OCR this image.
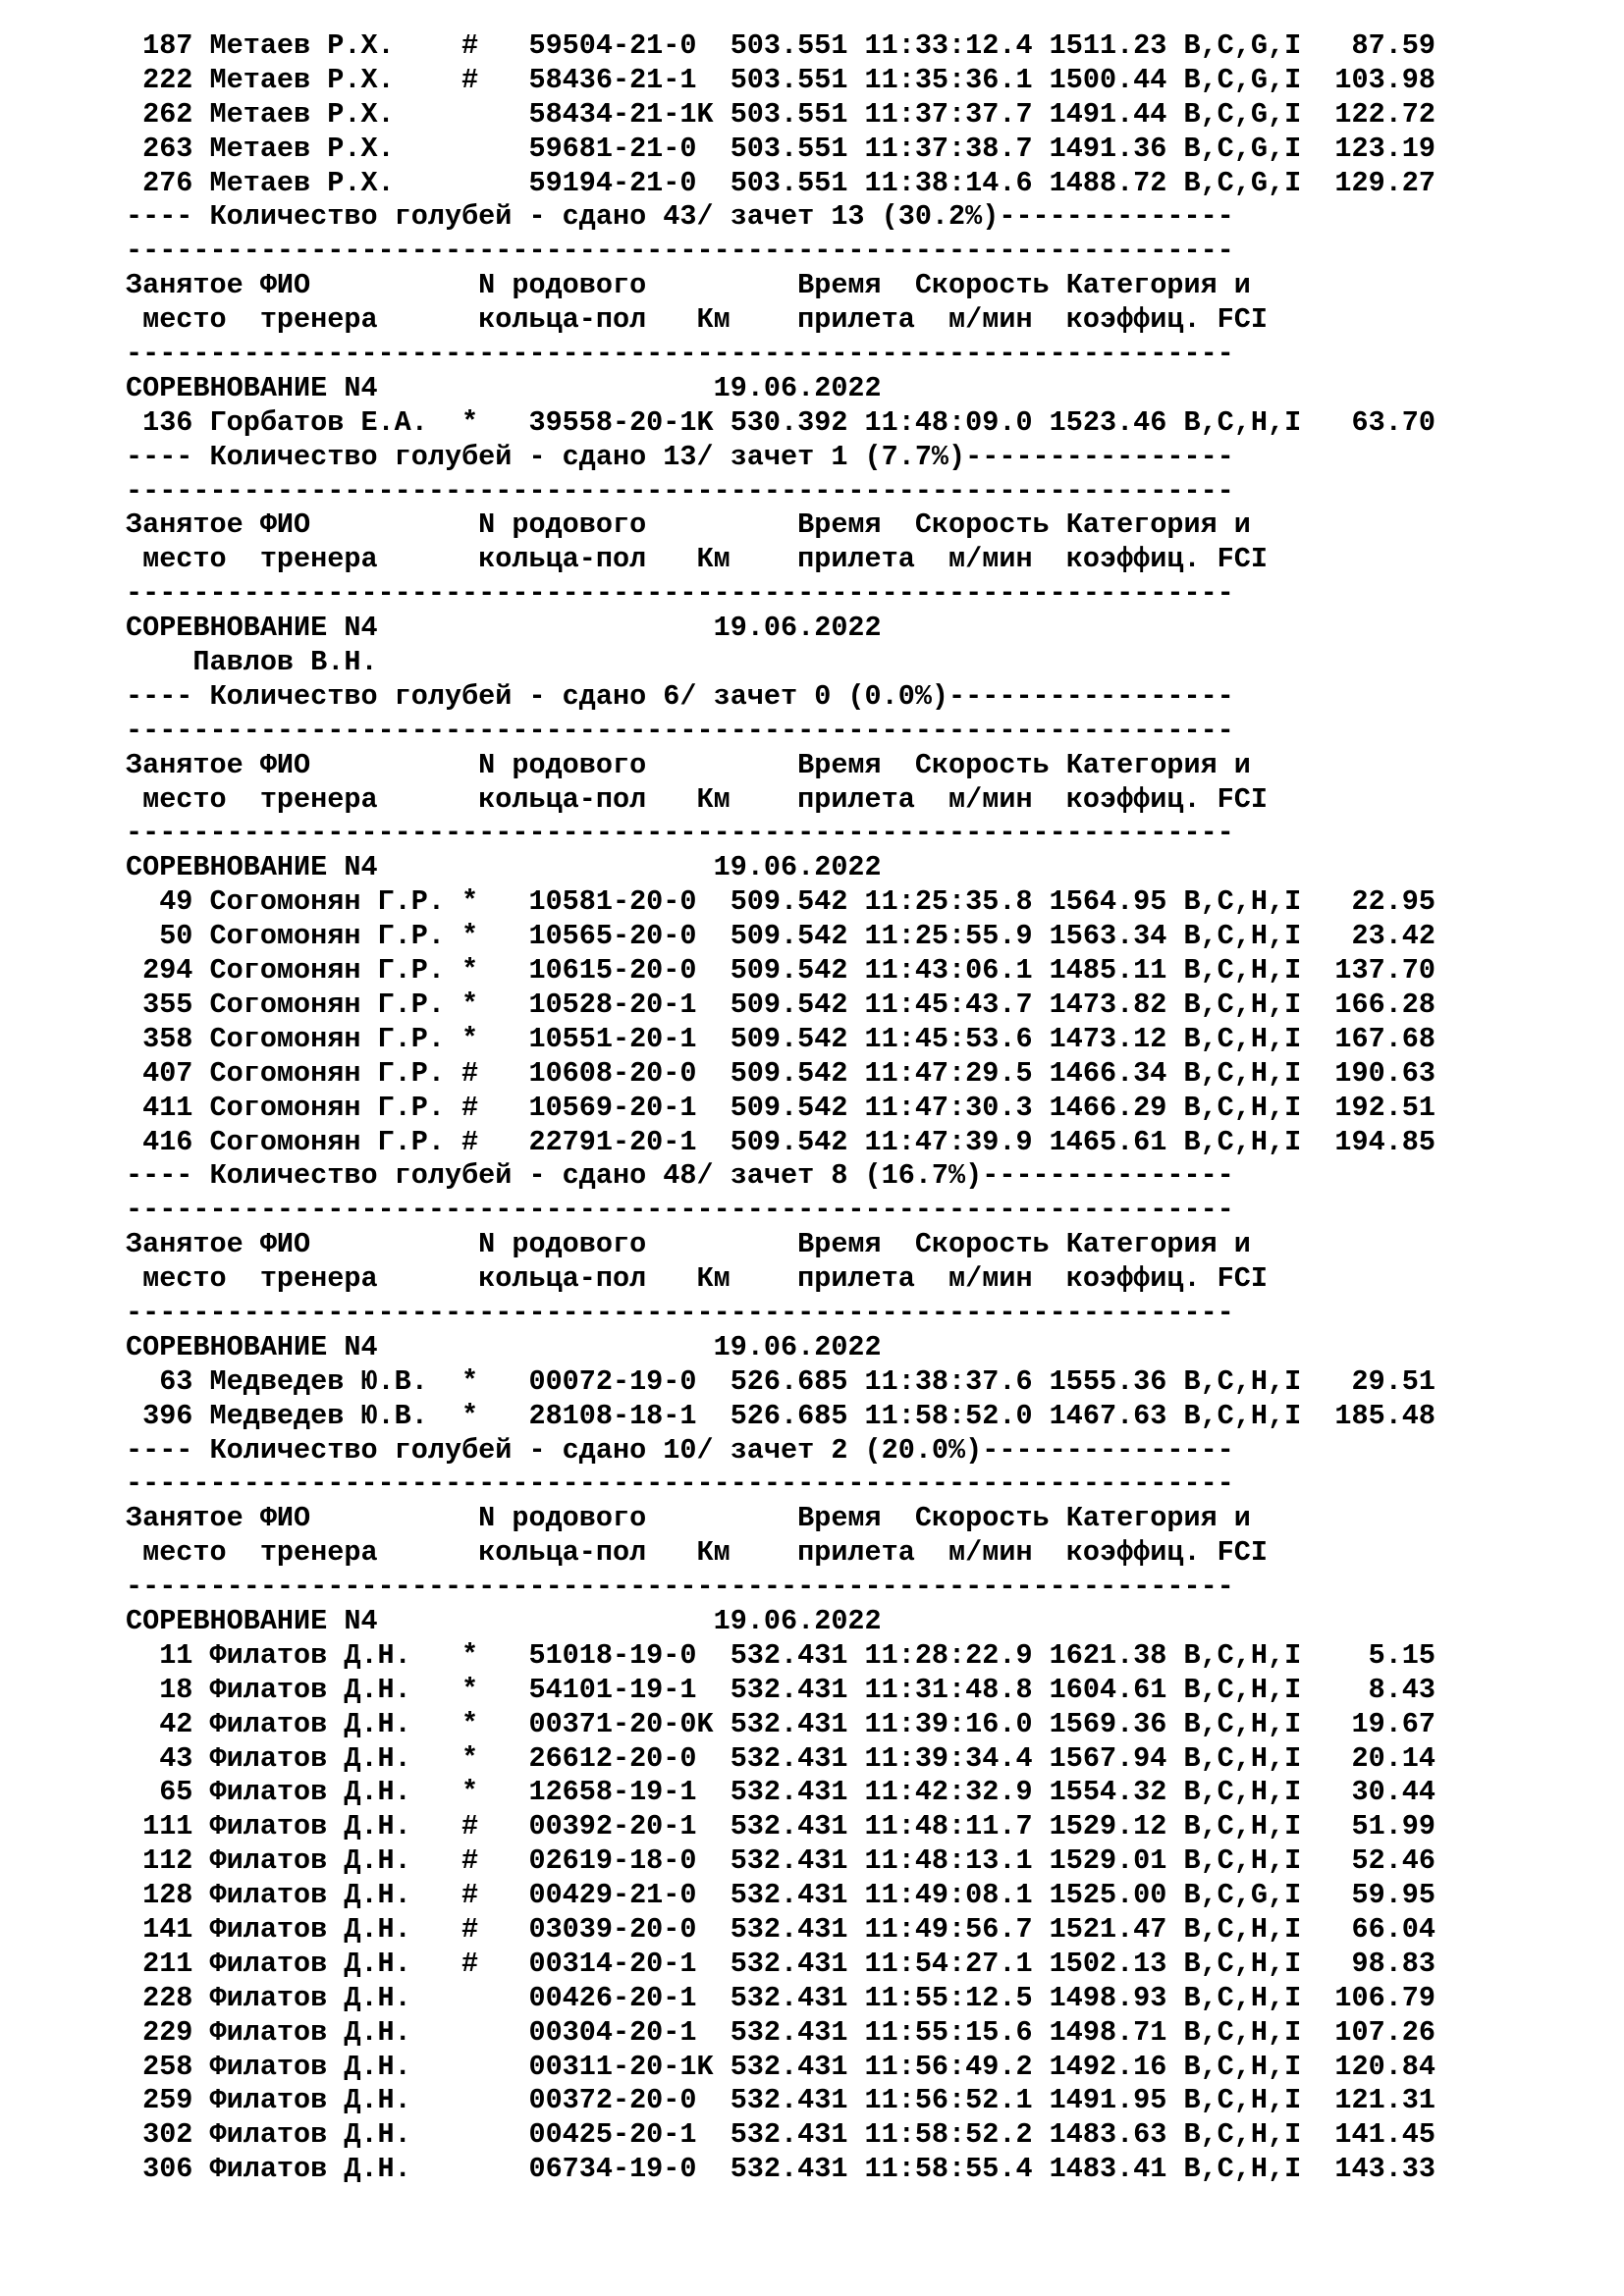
187 Метаев Р.Х.    #   59504-21-0  503.551 11:33:12.4 1511.23 B,C,G,I   87.59
222 Метаев Р.Х.    #   58436-21-1  503.551 11:35:36.1 1500.44 B,C,G,I  103.98
262 Метаев Р.Х.        58434-21-1K 503.551 11:37:37.7 1491.44 B,C,G,I  122.72
263 Метаев Р.Х.        59681-21-0  503.551 11:37:38.7 1491.36 B,C,G,I  123.19
276 Метаев Р.Х.        59194-21-0  503.551 11:38:14.6 1488.72 B,C,G,I  129.27
---- Количество голубей - сдано 43/ зачет 13 (30.2%)--------------
------------------------------------------------------------------
Занятое ФИО          N родового         Время  Скорость Категория и
место  тренера      кольца-пол   Км    прилета  м/мин  коэффиц. FCI
------------------------------------------------------------------
СОРЕВНОВАНИЕ N4                    19.06.2022
136 Горбатов Е.А.  *   39558-20-1K 530.392 11:48:09.0 1523.46 B,C,H,I   63.70
---- Количество голубей - сдано 13/ зачет 1 (7.7%)----------------
------------------------------------------------------------------
Занятое ФИО          N родового         Время  Скорость Категория и
место  тренера      кольца-пол   Км    прилета  м/мин  коэффиц. FCI
------------------------------------------------------------------
СОРЕВНОВАНИЕ N4                    19.06.2022
Павлов В.Н.
---- Количество голубей - сдано 6/ зачет 0 (0.0%)-----------------
------------------------------------------------------------------
Занятое ФИО          N родового         Время  Скорость Категория и
место  тренера      кольца-пол   Км    прилета  м/мин  коэффиц. FCI
------------------------------------------------------------------
СОРЕВНОВАНИЕ N4                    19.06.2022
49 Согомонян Г.Р. *   10581-20-0  509.542 11:25:35.8 1564.95 B,C,H,I   22.95
50 Согомонян Г.Р. *   10565-20-0  509.542 11:25:55.9 1563.34 B,C,H,I   23.42
294 Согомонян Г.Р. *   10615-20-0  509.542 11:43:06.1 1485.11 B,C,H,I  137.70
355 Согомонян Г.Р. *   10528-20-1  509.542 11:45:43.7 1473.82 B,C,H,I  166.28
358 Согомонян Г.Р. *   10551-20-1  509.542 11:45:53.6 1473.12 B,C,H,I  167.68
407 Согомонян Г.Р. #   10608-20-0  509.542 11:47:29.5 1466.34 B,C,H,I  190.63
411 Согомонян Г.Р. #   10569-20-1  509.542 11:47:30.3 1466.29 B,C,H,I  192.51
416 Согомонян Г.Р. #   22791-20-1  509.542 11:47:39.9 1465.61 B,C,H,I  194.85
---- Количество голубей - сдано 48/ зачет 8 (16.7%)---------------
------------------------------------------------------------------
Занятое ФИО          N родового         Время  Скорость Категория и
место  тренера      кольца-пол   Км    прилета  м/мин  коэффиц. FCI
------------------------------------------------------------------
СОРЕВНОВАНИЕ N4                    19.06.2022
63 Медведев Ю.В.  *   00072-19-0  526.685 11:38:37.6 1555.36 B,C,H,I   29.51
396 Медведев Ю.В.  *   28108-18-1  526.685 11:58:52.0 1467.63 B,C,H,I  185.48
---- Количество голубей - сдано 10/ зачет 2 (20.0%)---------------
------------------------------------------------------------------
Занятое ФИО          N родового         Время  Скорость Категория и
место  тренера      кольца-пол   Км    прилета  м/мин  коэффиц. FCI
------------------------------------------------------------------
СОРЕВНОВАНИЕ N4                    19.06.2022
11 Филатов Д.Н.   *   51018-19-0  532.431 11:28:22.9 1621.38 B,C,H,I    5.15
18 Филатов Д.Н.   *   54101-19-1  532.431 11:31:48.8 1604.61 B,C,H,I    8.43
42 Филатов Д.Н.   *   00371-20-0K 532.431 11:39:16.0 1569.36 B,C,H,I   19.67
43 Филатов Д.Н.   *   26612-20-0  532.431 11:39:34.4 1567.94 B,C,H,I   20.14
65 Филатов Д.Н.   *   12658-19-1  532.431 11:42:32.9 1554.32 B,C,H,I   30.44
111 Филатов Д.Н.   #   00392-20-1  532.431 11:48:11.7 1529.12 B,C,H,I   51.99
112 Филатов Д.Н.   #   02619-18-0  532.431 11:48:13.1 1529.01 B,C,H,I   52.46
128 Филатов Д.Н.   #   00429-21-0  532.431 11:49:08.1 1525.00 B,C,G,I   59.95
141 Филатов Д.Н.   #   03039-20-0  532.431 11:49:56.7 1521.47 B,C,H,I   66.04
211 Филатов Д.Н.   #   00314-20-1  532.431 11:54:27.1 1502.13 B,C,H,I   98.83
228 Филатов Д.Н.       00426-20-1  532.431 11:55:12.5 1498.93 B,C,H,I  106.79
229 Филатов Д.Н.       00304-20-1  532.431 11:55:15.6 1498.71 B,C,H,I  107.26
258 Филатов Д.Н.       00311-20-1K 532.431 11:56:49.2 1492.16 B,C,H,I  120.84
259 Филатов Д.Н.       00372-20-0  532.431 11:56:52.1 1491.95 B,C,H,I  121.31
302 Филатов Д.Н.       00425-20-1  532.431 11:58:52.2 1483.63 B,C,H,I  141.45
306 Филатов Д.Н.       06734-19-0  532.431 11:58:55.4 1483.41 B,C,H,I  143.33
